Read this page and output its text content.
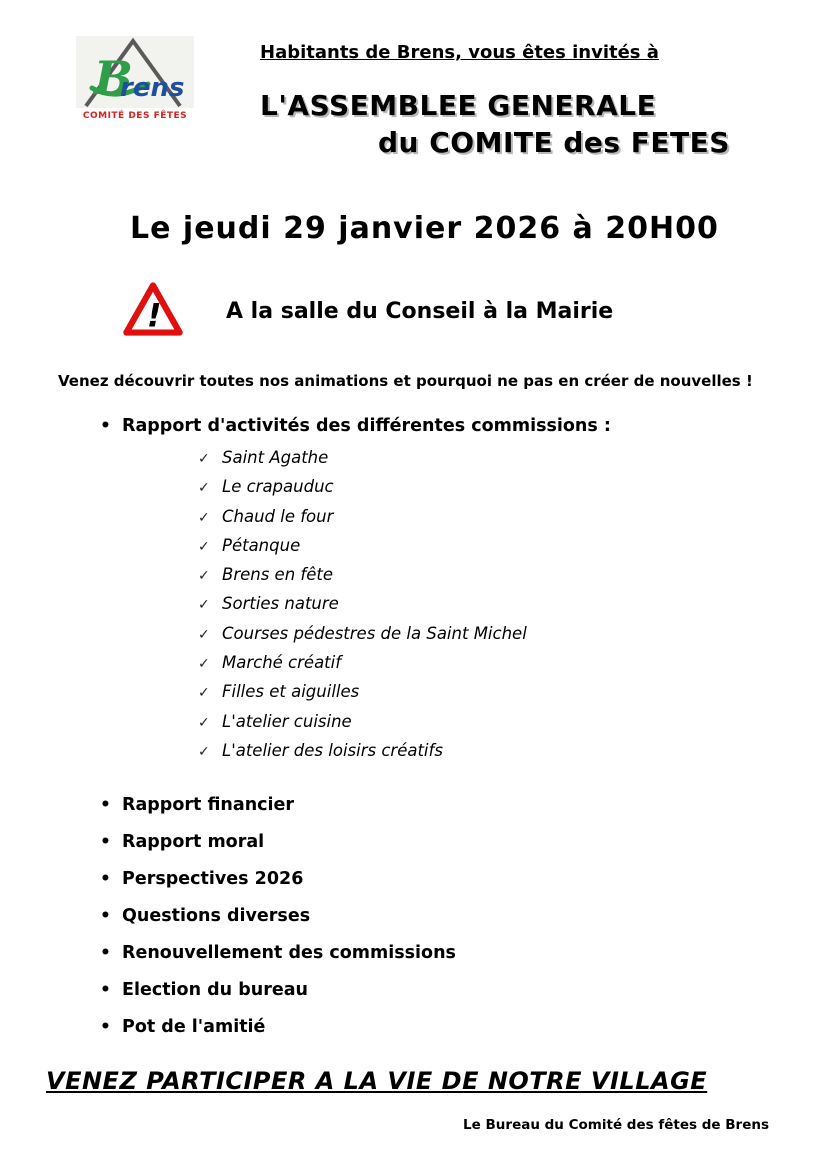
B
rens
COMITÉ DES FÊTES
Habitants de Brens, vous êtes invités à
L'ASSEMBLEE GENERALE
du COMITE des FETES
Le jeudi 29 janvier 2026 à 20H00
!	A la salle du Conseil à la Mairie
Venez découvrir toutes nos animations et pourquoi ne pas en créer de nouvelles !
• Rapport d'activités des différentes commissions :
✓ Saint Agathe
✓ Le crapauduc
✓ Chaud le four
✓ Pétanque
✓ Brens en fête
✓ Sorties nature
✓ Courses pédestres de la Saint Michel
✓ Marché créatif
✓ Filles et aiguilles
✓ L'atelier cuisine
✓ L'atelier des loisirs créatifs
• Rapport financier
• Rapport moral
• Perspectives 2026
• Questions diverses
• Renouvellement des commissions
• Election du bureau
• Pot de l'amitié
VENEZ PARTICIPER A LA VIE DE NOTRE VILLAGE
Le Bureau du Comité des fêtes de Brens
